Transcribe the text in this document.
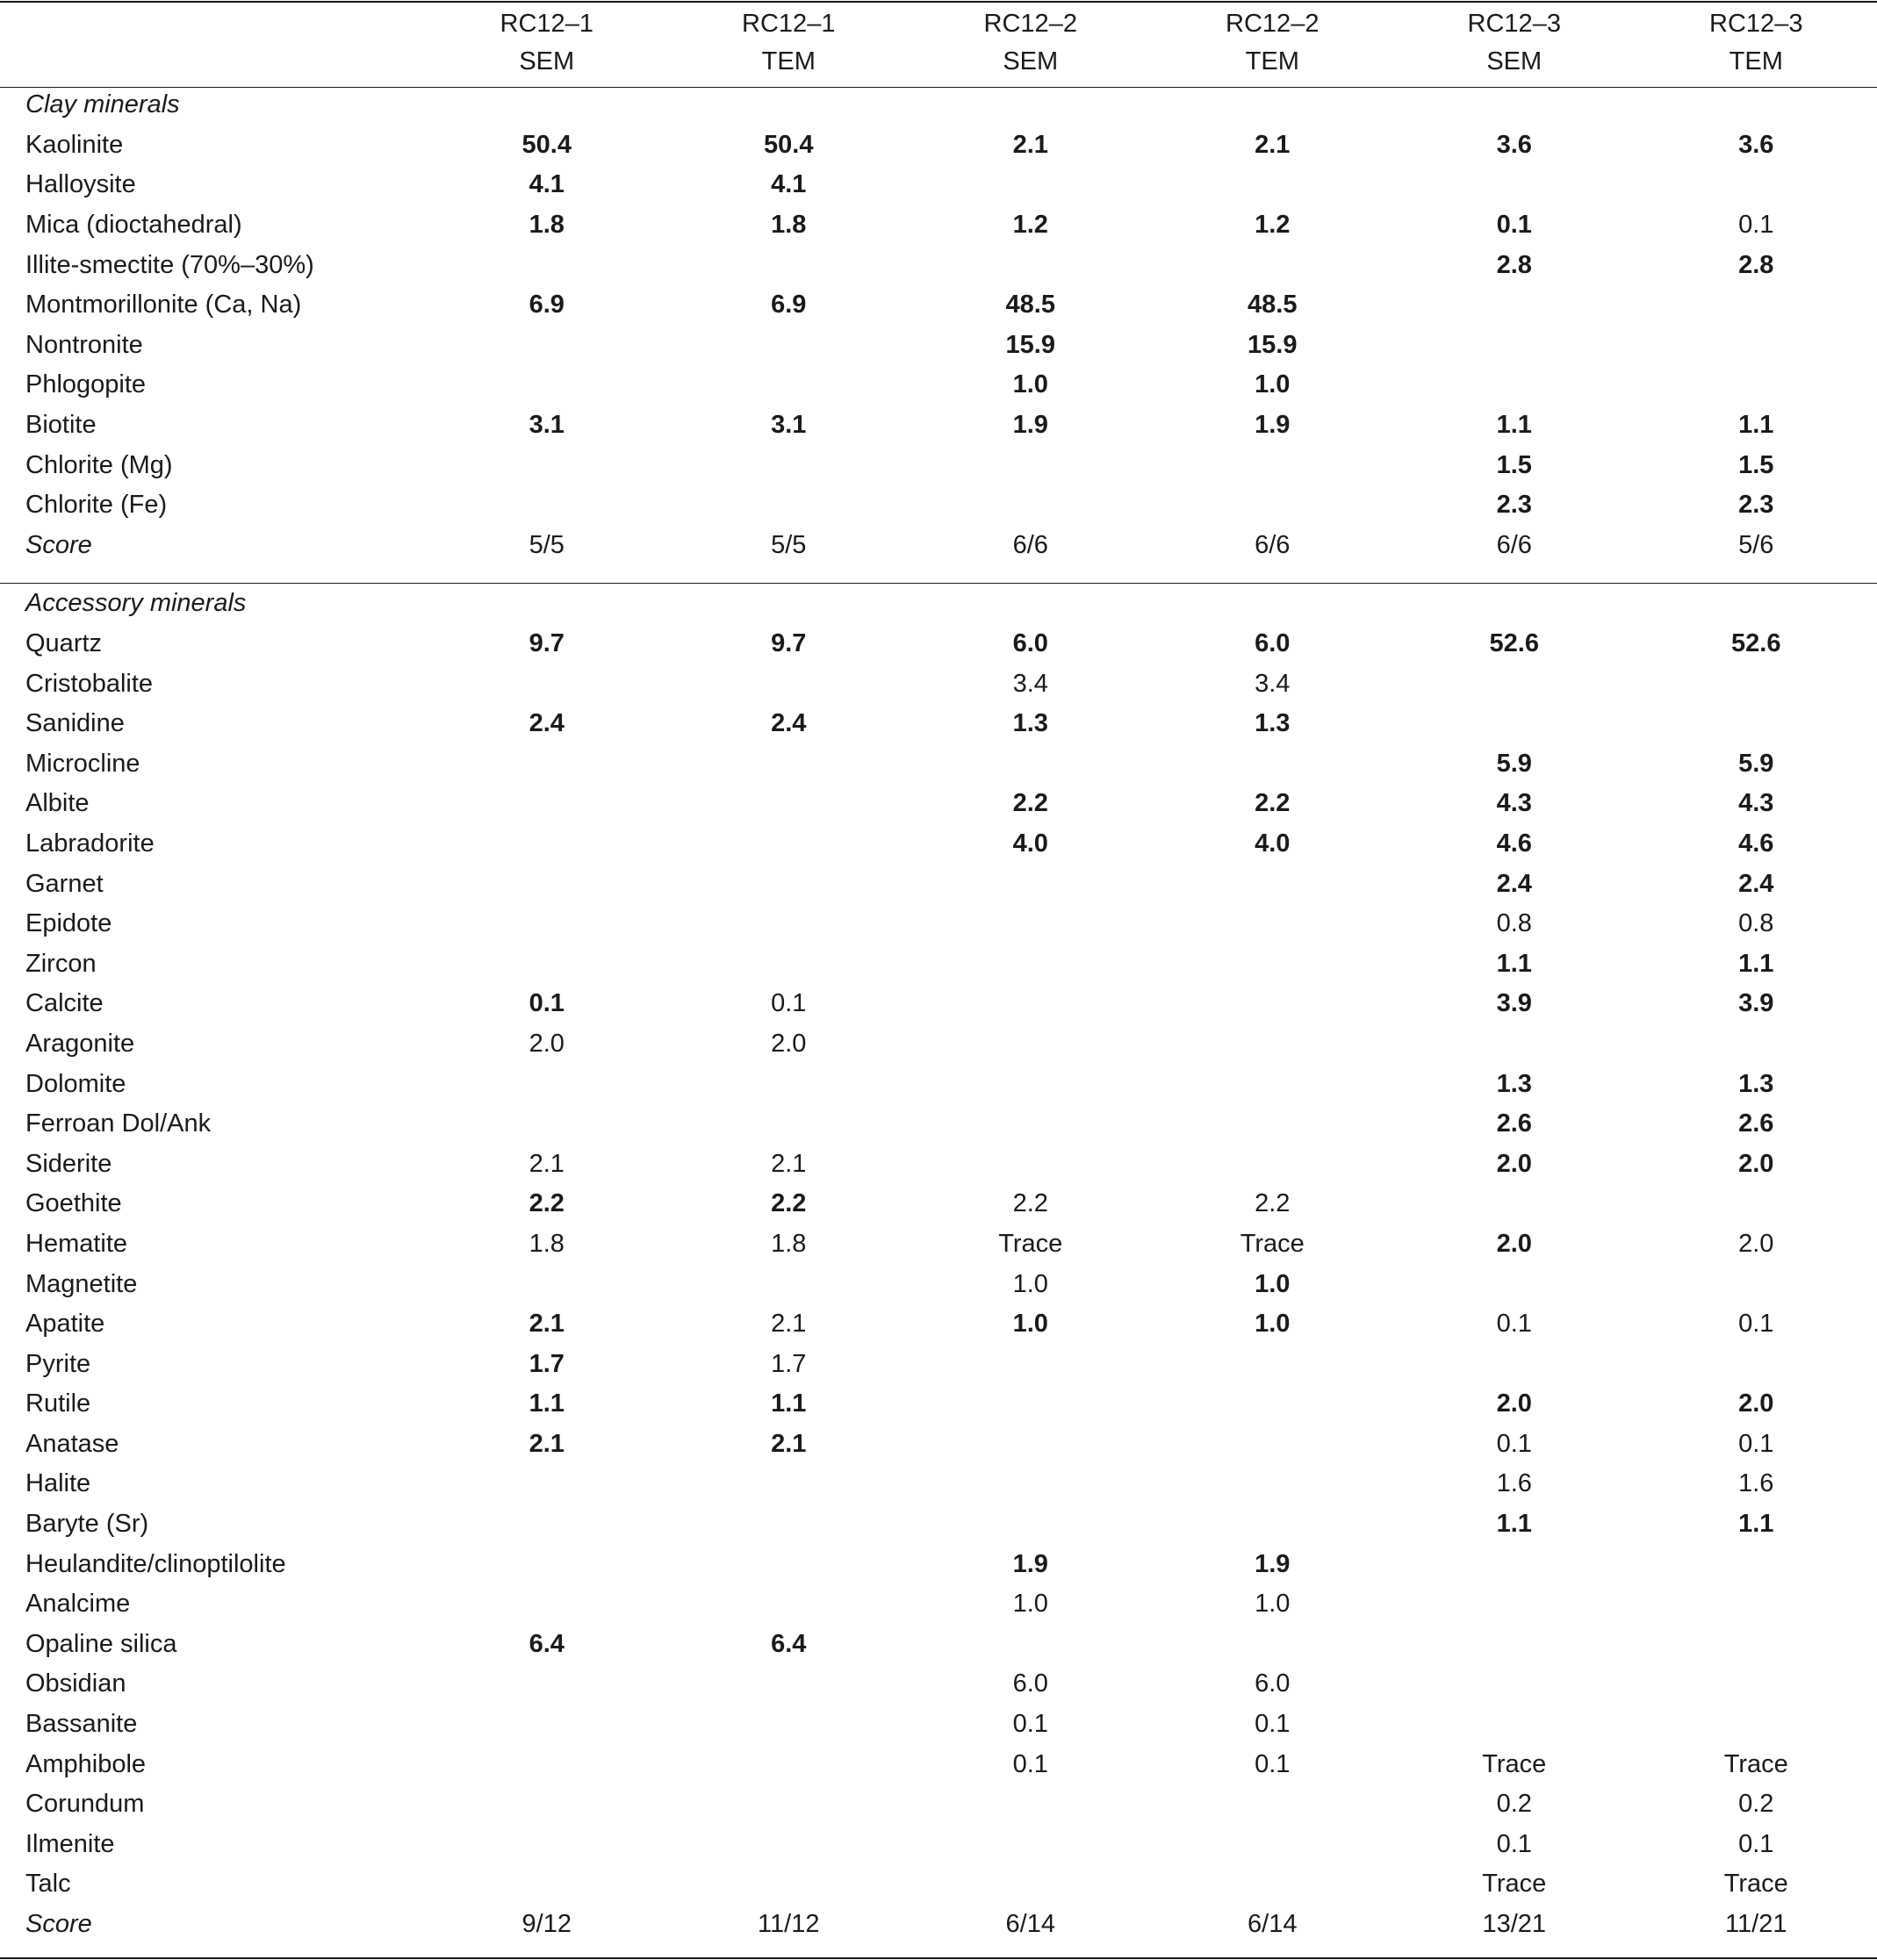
	RC12–1	RC12–1	RC12–2	RC12–2	RC12–3	RC12–3
	SEM	TEM	SEM	TEM	SEM	TEM
Clay minerals						
Kaolinite	50.4	50.4	2.1	2.1	3.6	3.6
Halloysite	4.1	4.1				
Mica (dioctahedral)	1.8	1.8	1.2	1.2	0.1	0.1
Illite-smectite (70%–30%)					2.8	2.8
Montmorillonite (Ca, Na)	6.9	6.9	48.5	48.5		
Nontronite			15.9	15.9		
Phlogopite			1.0	1.0		
Biotite	3.1	3.1	1.9	1.9	1.1	1.1
Chlorite (Mg)					1.5	1.5
Chlorite (Fe)					2.3	2.3
Score	5/5	5/5	6/6	6/6	6/6	5/6

Accessory minerals						
Quartz	9.7	9.7	6.0	6.0	52.6	52.6
Cristobalite			3.4	3.4		
Sanidine	2.4	2.4	1.3	1.3		
Microcline					5.9	5.9
Albite			2.2	2.2	4.3	4.3
Labradorite			4.0	4.0	4.6	4.6
Garnet					2.4	2.4
Epidote					0.8	0.8
Zircon					1.1	1.1
Calcite	0.1	0.1			3.9	3.9
Aragonite	2.0	2.0				
Dolomite					1.3	1.3
Ferroan Dol/Ank					2.6	2.6
Siderite	2.1	2.1			2.0	2.0
Goethite	2.2	2.2	2.2	2.2		
Hematite	1.8	1.8	Trace	Trace	2.0	2.0
Magnetite			1.0	1.0		
Apatite	2.1	2.1	1.0	1.0	0.1	0.1
Pyrite	1.7	1.7				
Rutile	1.1	1.1			2.0	2.0
Anatase	2.1	2.1			0.1	0.1
Halite					1.6	1.6
Baryte (Sr)					1.1	1.1
Heulandite/clinoptilolite			1.9	1.9		
Analcime			1.0	1.0		
Opaline silica	6.4	6.4				
Obsidian			6.0	6.0		
Bassanite			0.1	0.1		
Amphibole			0.1	0.1	Trace	Trace
Corundum					0.2	0.2
Ilmenite					0.1	0.1
Talc					Trace	Trace
Score	9/12	11/12	6/14	6/14	13/21	11/21
